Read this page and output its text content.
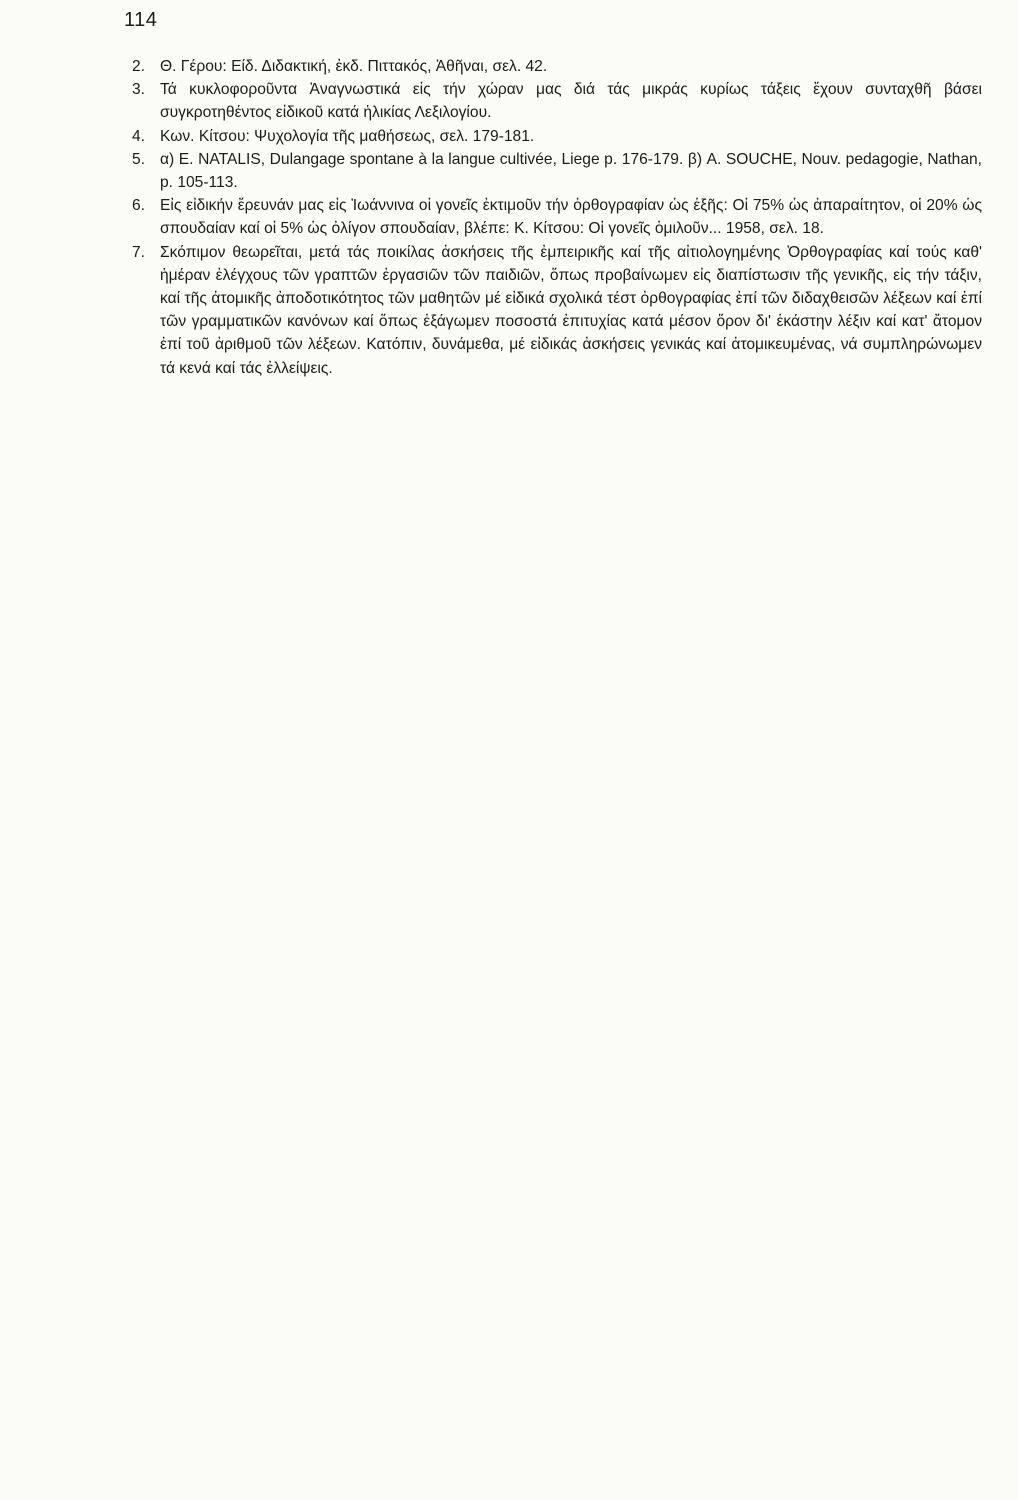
114
2. Θ. Γέρου: Είδ. Διδακτική, ἐκδ. Πιττακός, Ἀθῆναι, σελ. 42.
3. Τά κυκλοφοροῦντα Ἀναγνωστικά εἰς τήν χώραν μας διά τάς μικράς κυρίως τάξεις ἔχουν συνταχθῆ βάσει συγκροτηθέντος εἰδικοῦ κατά ἡλικίας Λεξιλογίου.
4. Κων. Κίτσου: Ψυχολογία τῆς μαθήσεως, σελ. 179-181.
5. α) E. NATALIS, Dulangage spontane à la langue cultivée, Liege p. 176-179. β) A. SOUCHE, Nouv. pedagogie, Nathan, p. 105-113.
6. Εἰς εἰδικήν ἔρευνάν μας εἰς Ἰωάννινα οἱ γονεῖς ἐκτιμοῦν τήν ὀρθογραφίαν ὡς ἑξῆς: Οἱ 75% ὡς ἀπαραίτητον, οἱ 20% ὡς σπουδαίαν καί οἱ 5% ὡς ὀλίγον σπουδαίαν, βλέπε: Κ. Κίτσου: Οἱ γονεῖς ὁμιλοῦν... 1958, σελ. 18.
7. Σκόπιμον θεωρεῖται, μετά τάς ποικίλας ἀσκήσεις τῆς ἐμπειρικῆς καί τῆς αἰτιολογημένης Ὀρθογραφίας καί τούς καθ' ἡμέραν ἐλέγχους τῶν γραπτῶν ἐργασιῶν τῶν παιδιῶν, ὅπως προβαίνωμεν εἰς διαπίστωσιν τῆς γενικῆς, εἰς τήν τάξιν, καί τῆς ἀτομικῆς ἀποδοτικότητος τῶν μαθητῶν μέ εἰδικά σχολικά τέστ ὀρθογραφίας ἐπί τῶν διδαχθεισῶν λέξεων καί ἐπί τῶν γραμματικῶν κανόνων καί ὅπως ἐξάγωμεν ποσοστά ἐπιτυχίας κατά μέσον ὅρον δι' ἑκάστην λέξιν καί κατ' ἄτομον ἐπί τοῦ ἀριθμοῦ τῶν λέξεων. Κατόπιν, δυνάμεθα, μέ εἰδικάς ἀσκήσεις γενικάς καί ἀτομικευμένας, νά συμπληρώνωμεν τά κενά καί τάς ἐλλείψεις.
